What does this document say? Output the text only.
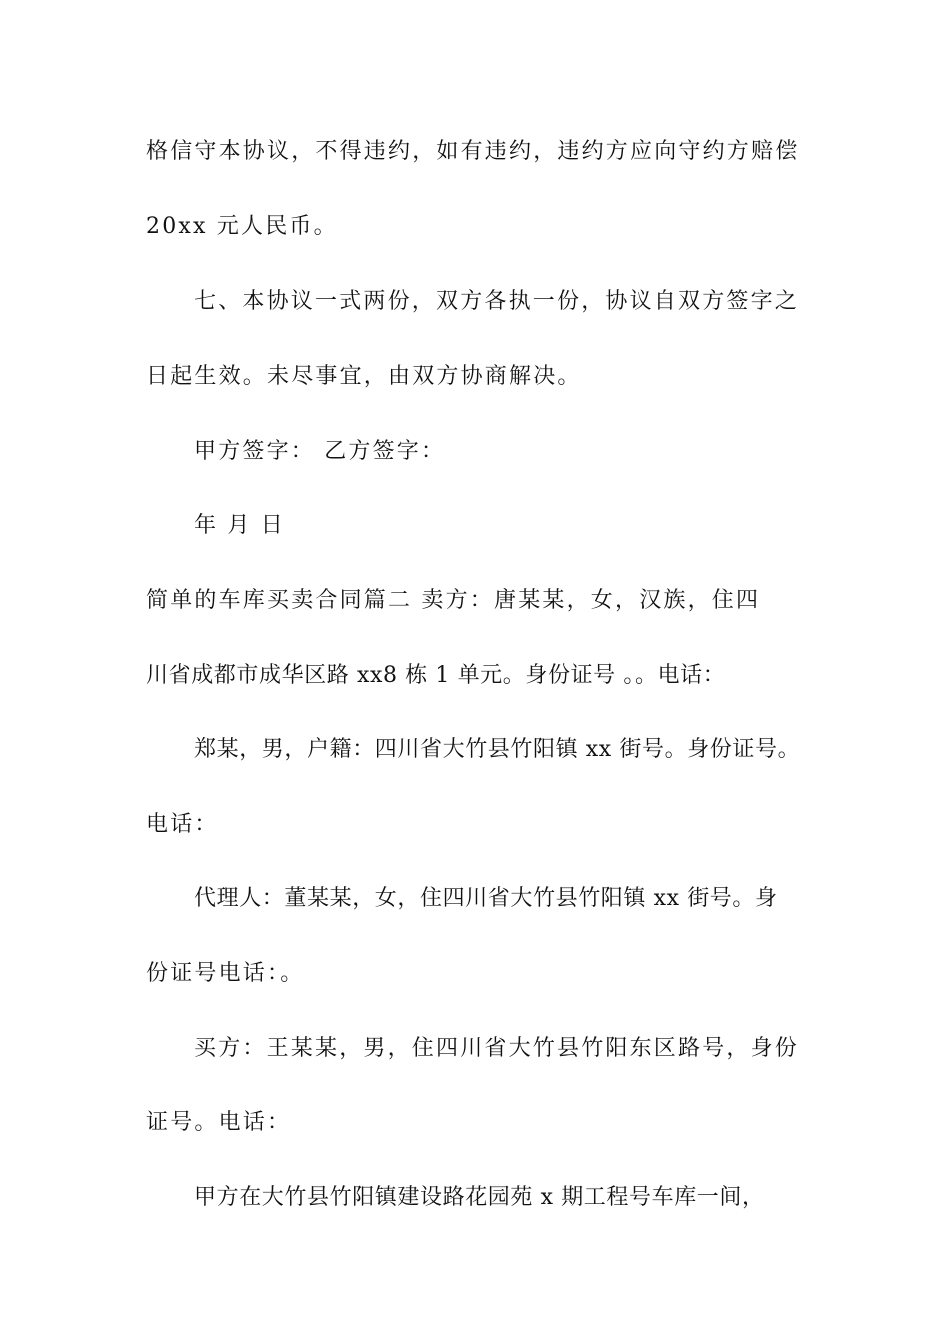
格信守本协议，不得违约，如有违约，违约方应向守约方赔偿
20xx 元人民币。
七、本协议一式两份，双方各执一份，协议自双方签字之
日起生效。未尽事宜，由双方协商解决。
甲方签字： 乙方签字：
年 月 日
简单的车库买卖合同篇二 卖方：唐某某，女，汉族，住四
川省成都市成华区路 xx8 栋 1 单元。身份证号 。。电话：
郑某，男，户籍：四川省大竹县竹阳镇 xx 街号。身份证号。
电话：
代理人：董某某，女，住四川省大竹县竹阳镇 xx 街号。身
份证号电话：。
买方：王某某，男，住四川省大竹县竹阳东区路号，身份
证号。电话：
甲方在大竹县竹阳镇建设路花园苑 x 期工程号车库一间，
